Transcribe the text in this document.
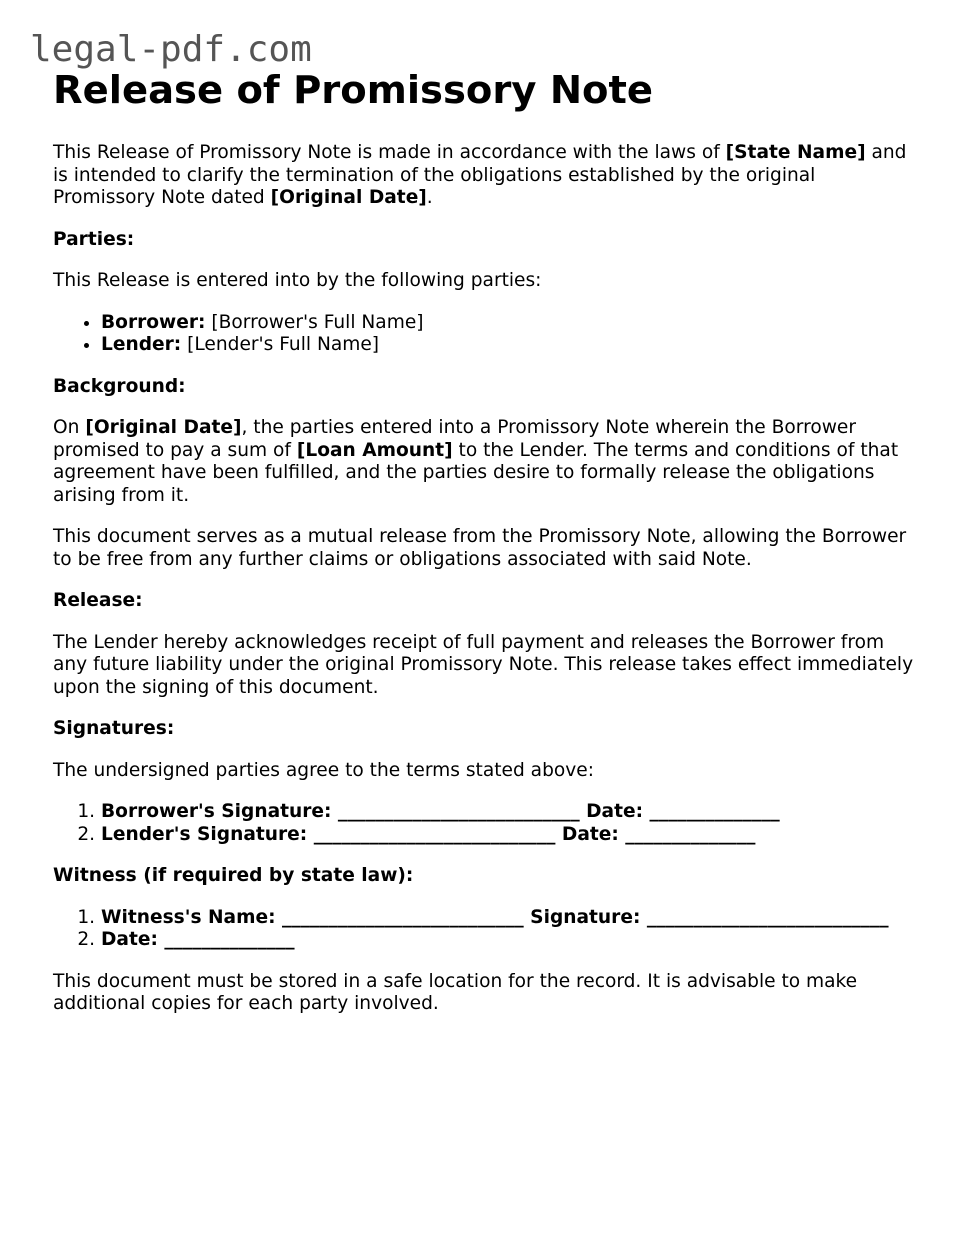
legal-pdf.com
Release of Promissory Note

This Release of Promissory Note is made in accordance with the laws of [State Name] and is intended to clarify the termination of the obligations established by the original Promissory Note dated [Original Date].

Parties:

This Release is entered into by the following parties:

• Borrower: [Borrower's Full Name]
• Lender: [Lender's Full Name]

Background:

On [Original Date], the parties entered into a Promissory Note wherein the Borrower promised to pay a sum of [Loan Amount] to the Lender. The terms and conditions of that agreement have been fulfilled, and the parties desire to formally release the obligations arising from it.

This document serves as a mutual release from the Promissory Note, allowing the Borrower to be free from any further claims or obligations associated with said Note.

Release:

The Lender hereby acknowledges receipt of full payment and releases the Borrower from any future liability under the original Promissory Note. This release takes effect immediately upon the signing of this document.

Signatures:

The undersigned parties agree to the terms stated above:

1. Borrower's Signature: __________________________ Date: ______________
2. Lender's Signature: __________________________ Date: ______________

Witness (if required by state law):

1. Witness's Name: __________________________ Signature: __________________________
2. Date: ______________

This document must be stored in a safe location for the record. It is advisable to make additional copies for each party involved.
